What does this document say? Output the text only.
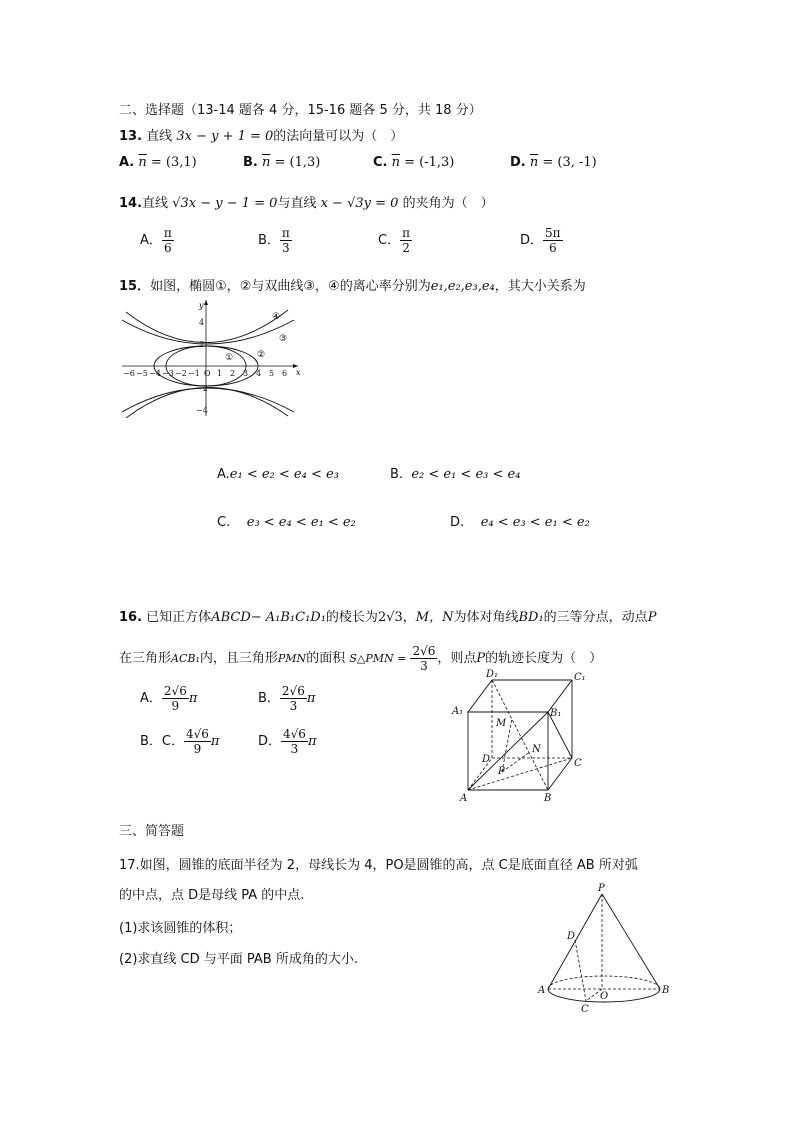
二、选择题（13-14 题各 4 分，15-16 题各 5 分，共 18 分）
13. 直线 3x − y + 1 = 0的法向量可以为（　）
A. $\overline{n} = (3,1)$	B. $\overline{n} = (1,3)$	C. $\overline{n} = (-1,3)$	D. $\overline{n} = (3$, -1)
14.直线 √3x − y − 1 = 0与直线 x − √3y = 0 的夹角为（　）
A． $\frac{\pi}{6}$	B． $\frac{\pi}{3}$	C． $\frac{\pi}{2}$	D． $\frac{5\pi}{6}$
15．如图，椭圆①，②与双曲线③，④的离心率分别为e₁,e₂,e₃,e₄，其大小关系为
−6 −5 −4 −3 −2 −1 O 1 2 3 4 5 6
4
2
−2
−4
x
y
①	②
③
④
A.e₁ < e₂ < e₄ < e₃	B. e₂ < e₁ < e₃ < e₄
C. e₃ < e₄ < e₁ < e₂	D. e₄ < e₃ < e₁ < e₂
16. 已知正方体ABCD− A₁B₁C₁D₁的棱长为2√3，M，N为体对角线BD₁的三等分点，动点P
在三角形ACB₁内，且三角形PMN的面积 S△PMN = $\frac{2√6}{3}$ ，则点P的轨迹长度为（　）
A． $\frac{2√6}{9}$ π	B． $\frac{2√6}{3}$ π
B．C． $\frac{4√6}{9}$ π	D． $\frac{4√6}{3}$ π
D₁	C₁
A₁	B₁
M
N
D
P
C
A	B
三、简答题
17.如图，圆锥的底面半径为 2，母线长为 4，PO是圆锥的高，点 C是底面直径 AB 所对弧
的中点，点 D是母线 PA 的中点.
(1)求该圆锥的体积；
(2)求直线 CD 与平面 PAB 所成角的大小.
P
D
A
O
B
C
